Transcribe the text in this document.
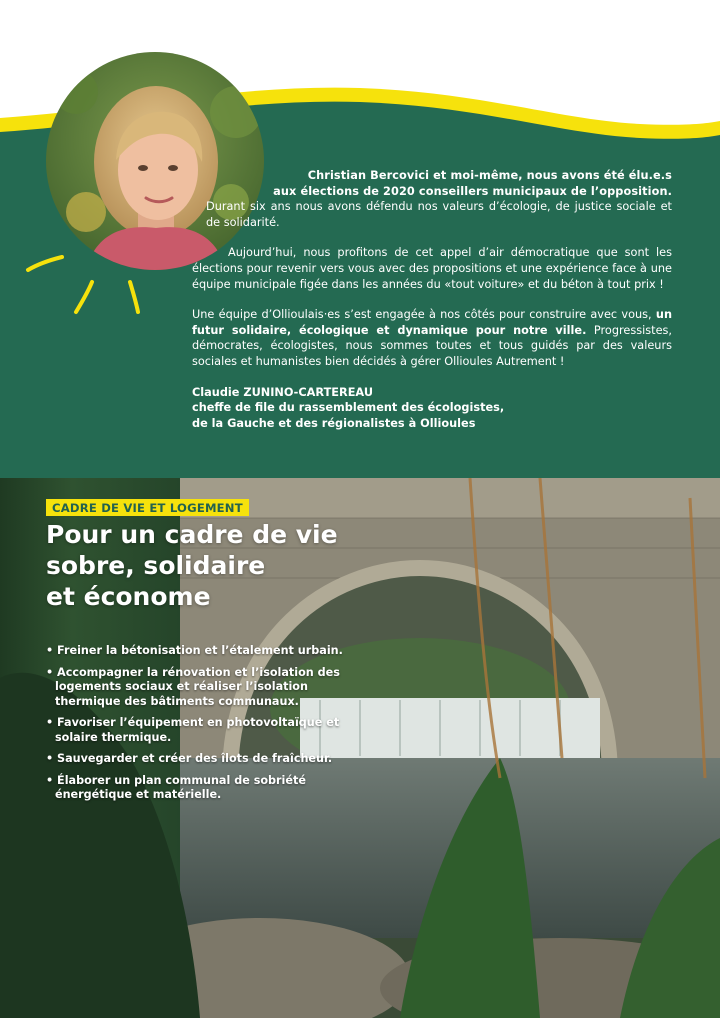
Christian Bercovici et moi-même, nous avons été élu.e.s
aux élections de 2020 conseillers municipaux de l’opposition.

Durant six ans nous avons défendu nos valeurs d’écologie, de justice sociale et de solidarité.

Aujourd’hui, nous profitons de cet appel d’air démocratique que sont les élections pour revenir vers vous avec des propositions et une expérience face à une équipe municipale figée dans les années du «tout voiture» et du béton à tout prix !

Une équipe d’Ollioulais·es s’est engagée à nos côtés pour construire avec vous, un futur solidaire, écologique et dynamique pour notre ville. Progressistes, démocrates, écologistes, nous sommes toutes et tous guidés par des valeurs sociales et humanistes bien décidés à gérer Ollioules Autrement !

Claudie ZUNINO-CARTEREAU
cheffe de file du rassemblement des écologistes,
de la Gauche et des régionalistes à Ollioules
CADRE DE VIE ET LOGEMENT
Pour un cadre de vie
sobre, solidaire
et économe
• Freiner la bétonisation et l’étalement urbain.
• Accompagner la rénovation et l’isolation des logements sociaux et réaliser l’isolation thermique des bâtiments communaux.
• Favoriser l’équipement en photovoltaïque et solaire thermique.
• Sauvegarder et créer des îlots de fraîcheur.
• Élaborer un plan communal de sobriété énergétique et matérielle.
